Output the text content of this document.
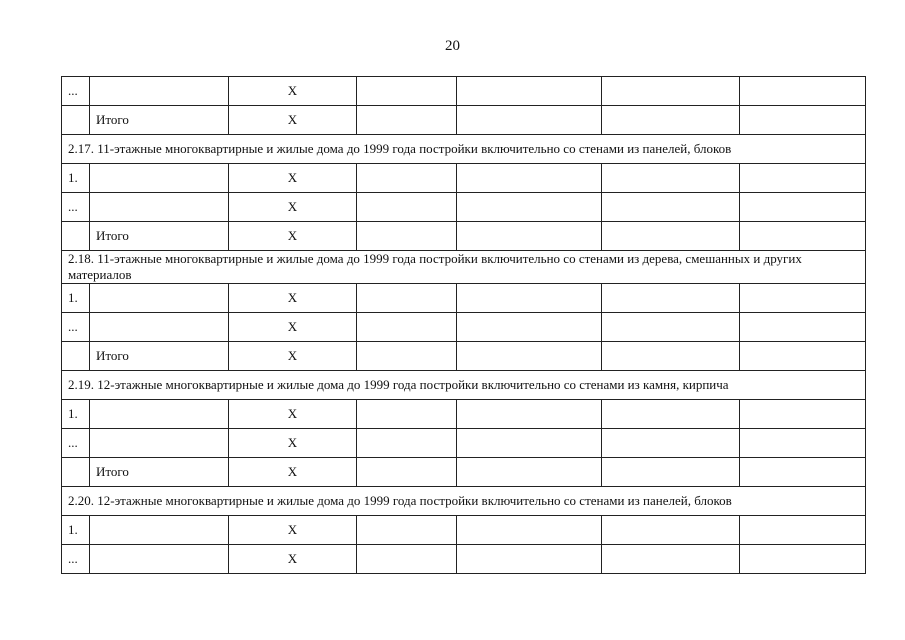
20
...		X				
	Итого	X				
2.17. 11-этажные многоквартирные и жилые дома до 1999 года постройки включительно со стенами из панелей, блоков						
1.		X				
...		X				
	Итого	X				
2.18. 11-этажные многоквартирные и жилые дома до 1999 года постройки включительно со стенами из дерева, смешанных и других материалов						
1.		X				
...		X				
	Итого	X				
2.19. 12-этажные многоквартирные и жилые дома до 1999 года постройки включительно со стенами из камня, кирпича						
1.		X				
...		X				
	Итого	X				
2.20. 12-этажные многоквартирные и жилые дома до 1999 года постройки включительно со стенами из панелей, блоков						
1.		X				
...		X				
